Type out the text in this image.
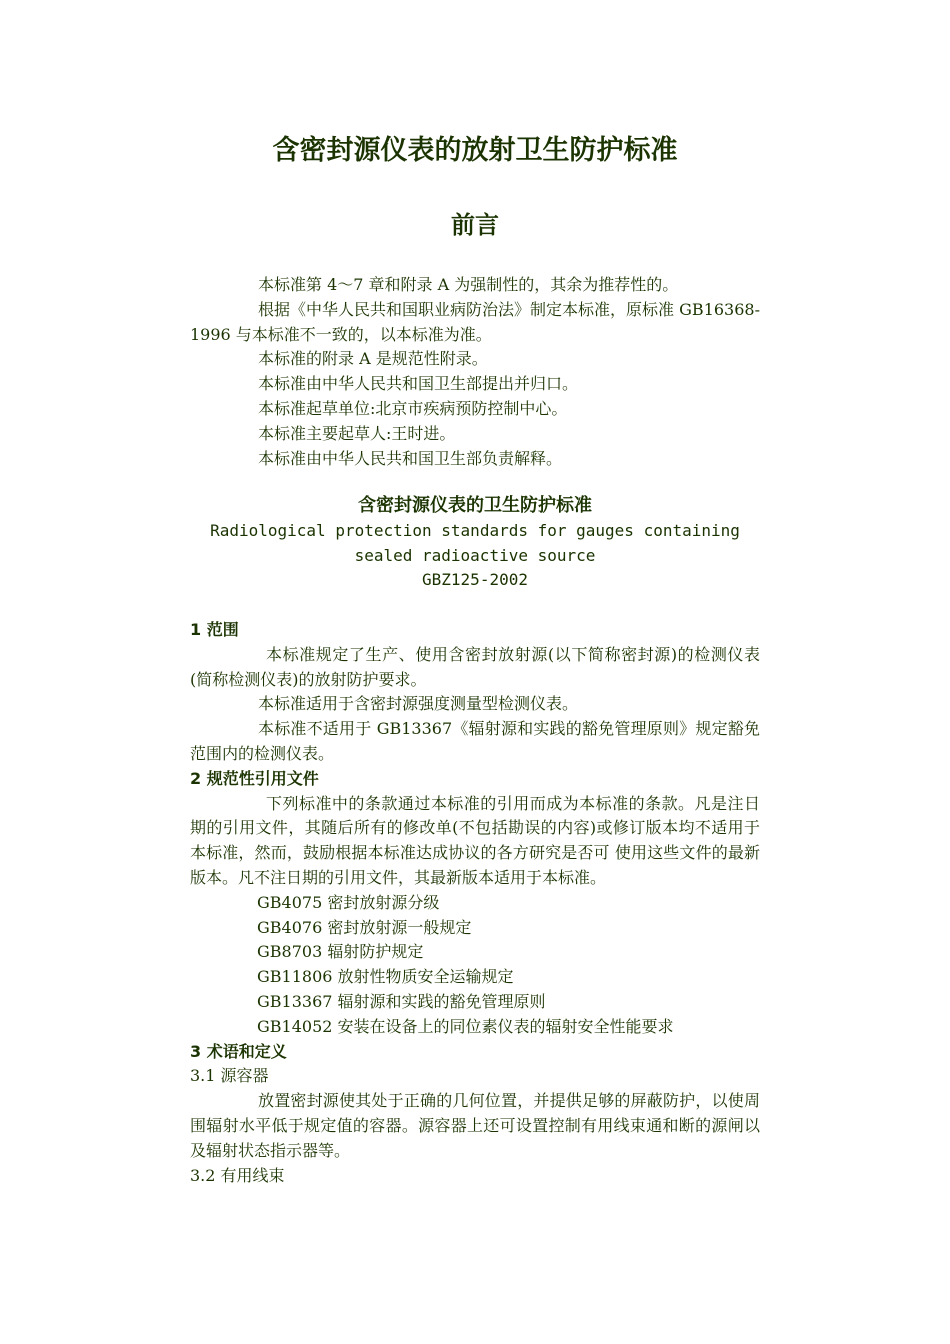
含密封源仪表的放射卫生防护标准
前言

本标准第 4～7 章和附录 A 为强制性的，其余为推荐性的。

根据《中华人民共和国职业病防治法》制定本标准，原标准 GB16368-1996 与本标准不一致的，以本标准为准。

本标准的附录 A 是规范性附录。

本标准由中华人民共和国卫生部提出并归口。

本标准起草单位:北京市疾病预防控制中心。

本标准主要起草人:王时进。

本标准由中华人民共和国卫生部负责解释。

含密封源仪表的卫生防护标准

Radiological protection standards for gauges containing

sealed radioactive source

GBZ125-2002

1 范围

本标准规定了生产、使用含密封放射源(以下简称密封源)的检测仪表(简称检测仪表)的放射防护要求。

本标准适用于含密封源强度测量型检测仪表。

本标准不适用于 GB13367《辐射源和实践的豁免管理原则》规定豁免范围内的检测仪表。

2 规范性引用文件

下列标准中的条款通过本标准的引用而成为本标准的条款。凡是注日期的引用文件，其随后所有的修改单(不包括勘误的内容)或修订版本均不适用于本标准，然而，鼓励根据本标准达成协议的各方研究是否可 使用这些文件的最新版本。凡不注日期的引用文件，其最新版本适用于本标准。

GB4075 密封放射源分级

GB4076 密封放射源一般规定

GB8703 辐射防护规定

GB11806 放射性物质安全运输规定

GB13367 辐射源和实践的豁免管理原则

GB14052 安装在设备上的同位素仪表的辐射安全性能要求

3 术语和定义

3.1 源容器

放置密封源使其处于正确的几何位置，并提供足够的屏蔽防护，以使周围辐射水平低于规定值的容器。源容器上还可设置控制有用线束通和断的源闸以及辐射状态指示器等。

3.2 有用线束
